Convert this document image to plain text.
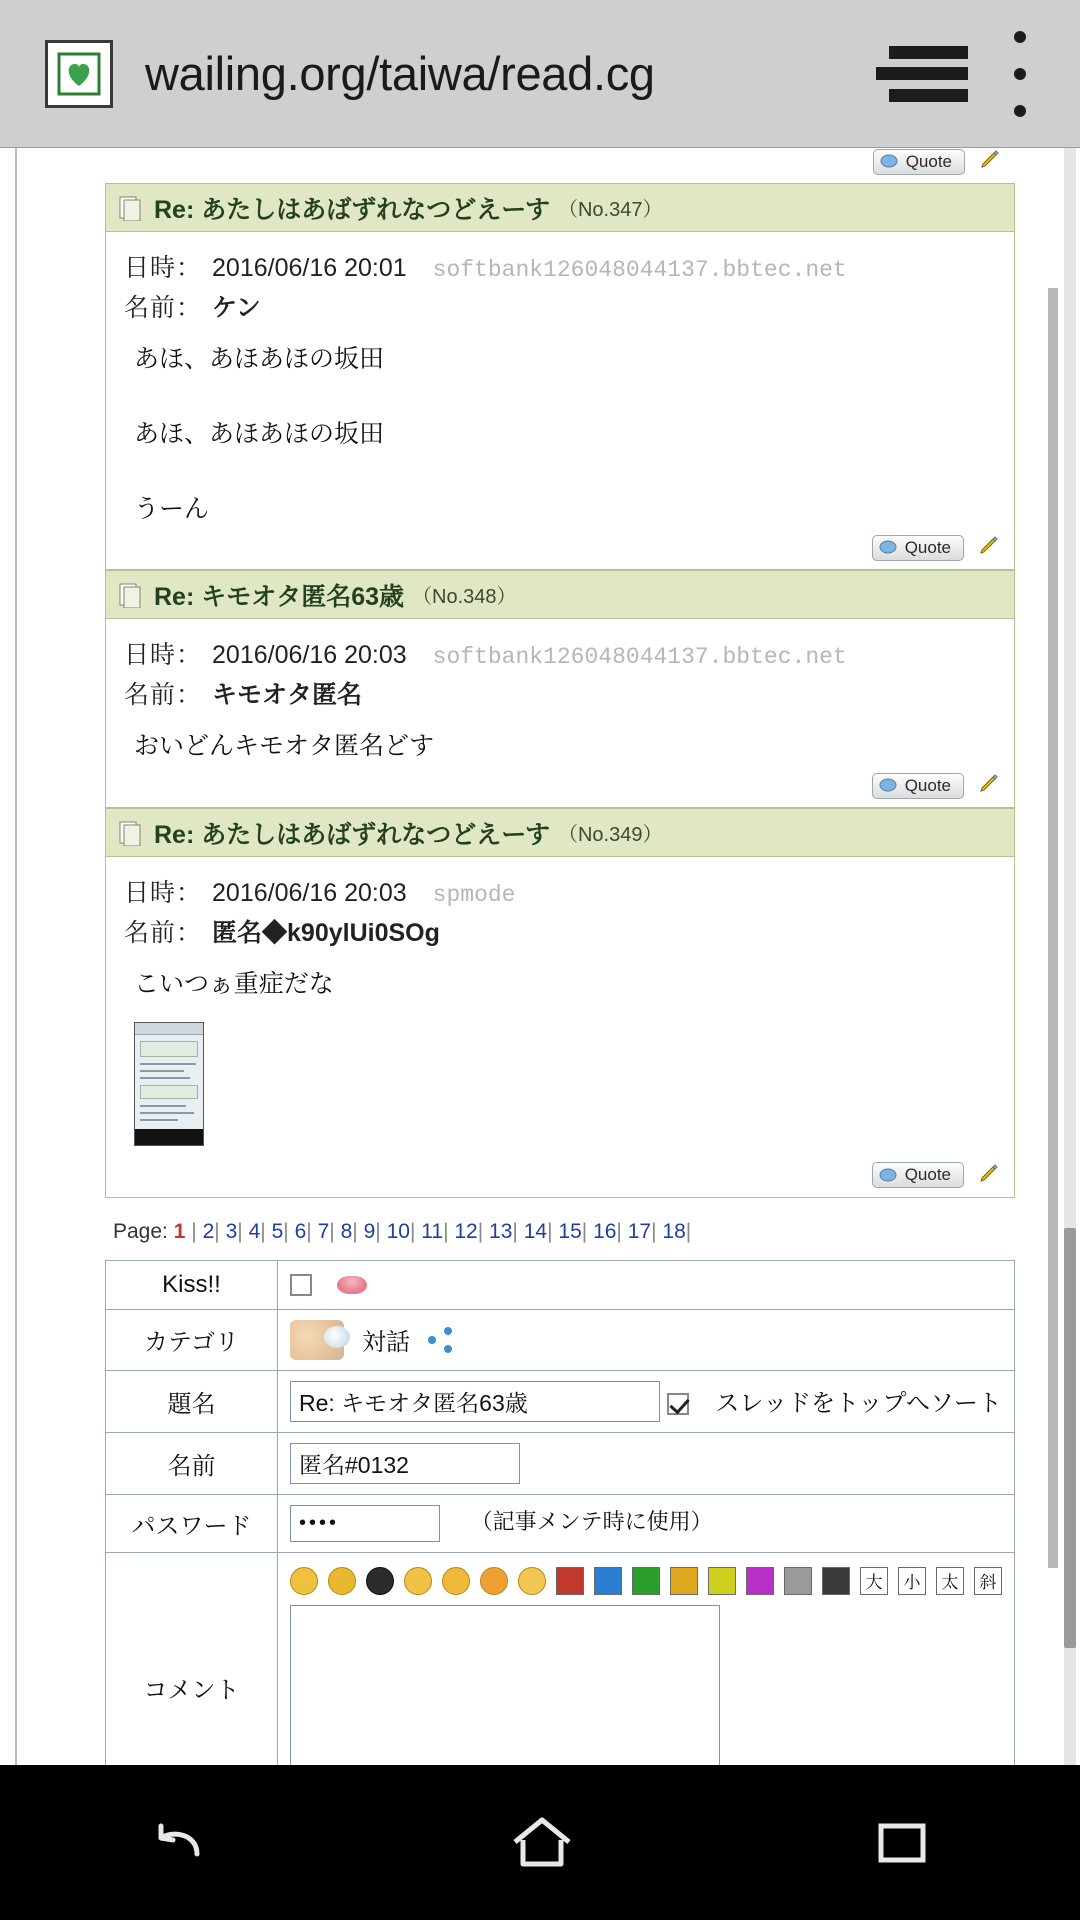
wailing.org/taiwa/read.cg
Quote
Re: あたしはあばずれなつどえーす （No.347）
日時： 2016/06/16 20:01 softbank126048044137.bbtec.net
名前： ケン

あほ、あほあほの坂田

あほ、あほあほの坂田

うーん

Quote
Re: キモオタ匿名63歳 （No.348）
日時： 2016/06/16 20:03 softbank126048044137.bbtec.net
名前： キモオタ匿名

おいどんキモオタ匿名どす

Quote
Re: あたしはあばずれなつどえーす （No.349）
日時： 2016/06/16 20:03 spmode
名前： 匿名◆k90ylUi0SOg

こいつぁ重症だな

Quote
Page: 1 | 2| 3| 4| 5| 6| 7| 8| 9| 10| 11| 12| 13| 14| 15| 16| 17| 18|
Kiss!!	
カテゴリ	対話

題名	Re: キモオタ匿名63歳スレッドをトップへソート
名前	匿名#0132
パスワード	••••（記事メンテ時に使用）
コメント	大 小 太 斜
